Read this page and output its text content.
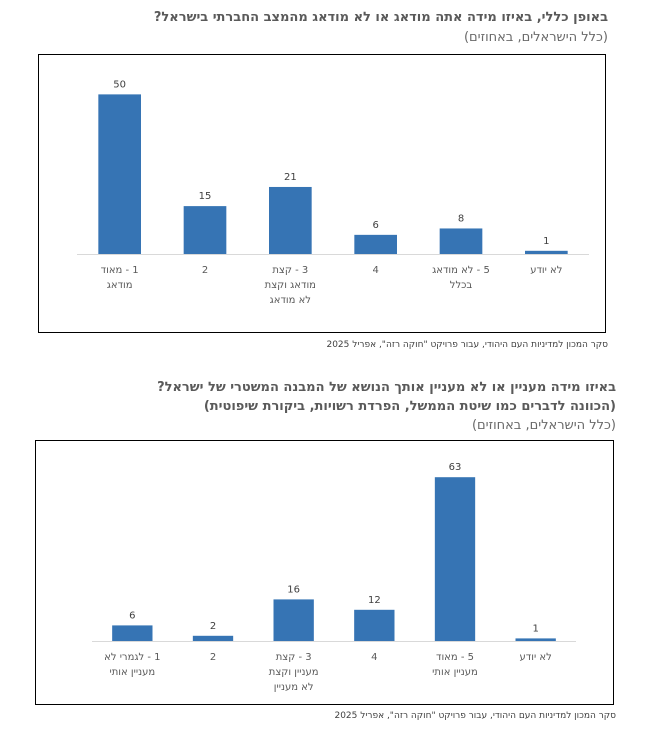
באופן כללי, באיזו מידה אתה מודאג או לא מודאג מהמצב החברתי בישראל?
(כלל הישראלים, באחוזים)
50
1 - מאוד מודאג
15
2
21
3 - קצת מודאג וקצת לא מודאג
6
4
8
5 - לא מודאג בכלל
1
לא יודע
סקר המכון למדיניות העם היהודי, עבור פרויקט "חוקה רזה", אפריל 2025
באיזו מידה מעניין או לא מעניין אותך הנושא של המבנה המשטרי של ישראל?
(הכוונה לדברים כמו שיטת הממשל, הפרדת רשויות, ביקורת שיפוטית)
(כלל הישראלים, באחוזים)
6
1 - לגמרי לא מעניין אותי
2
2
16
3 - קצת מעניין וקצת לא מעניין
12
4
63
5 - מאוד מעניין אותי
1
לא יודע
סקר המכון למדיניות העם היהודי, עבור פרויקט "חוקה רזה", אפריל 2025
